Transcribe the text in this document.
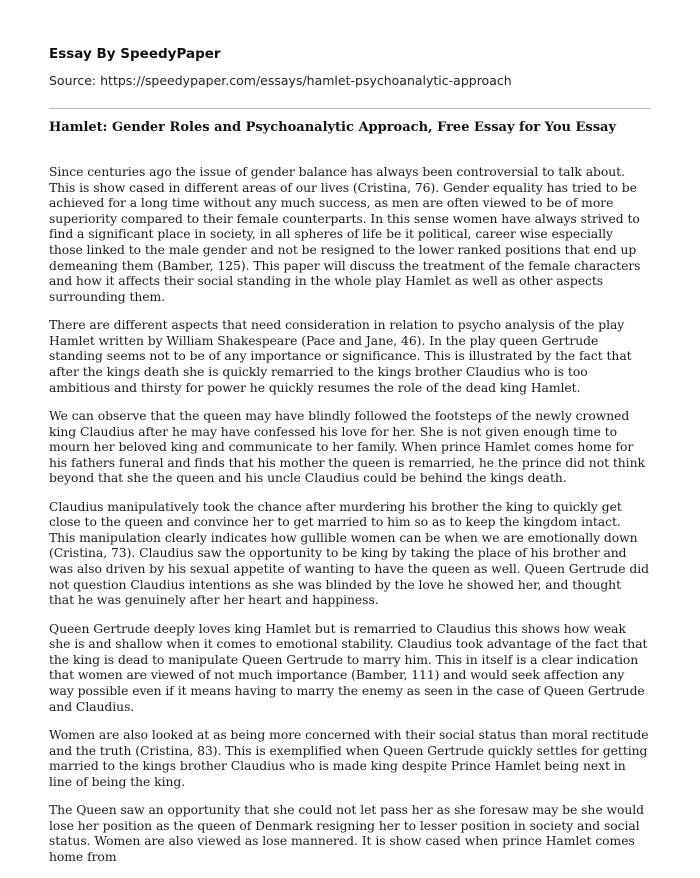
Essay By SpeedyPaper
Source: https://speedypaper.com/essays/hamlet-psychoanalytic-approach
Hamlet: Gender Roles and Psychoanalytic Approach, Free Essay for You Essay

Since centuries ago the issue of gender balance has always been controversial to talk about. This is show cased in different areas of our lives (Cristina, 76). Gender equality has tried to be achieved for a long time without any much success, as men are often viewed to be of more superiority compared to their female counterparts. In this sense women have always strived to find a significant place in society, in all spheres of life be it political, career wise especially those linked to the male gender and not be resigned to the lower ranked positions that end up demeaning them (Bamber, 125). This paper will discuss the treatment of the female characters and how it affects their social standing in the whole play Hamlet as well as other aspects surrounding them.

There are different aspects that need consideration in relation to psycho analysis of the play Hamlet written by William Shakespeare (Pace and Jane, 46). In the play queen Gertrude standing seems not to be of any importance or significance. This is illustrated by the fact that after the kings death she is quickly remarried to the kings brother Claudius who is too ambitious and thirsty for power he quickly resumes the role of the dead king Hamlet.

We can observe that the queen may have blindly followed the footsteps of the newly crowned king Claudius after he may have confessed his love for her. She is not given enough time to mourn her beloved king and communicate to her family. When prince Hamlet comes home for his fathers funeral and finds that his mother the queen is remarried, he the prince did not think beyond that she the queen and his uncle Claudius could be behind the kings death.

Claudius manipulatively took the chance after murdering his brother the king to quickly get close to the queen and convince her to get married to him so as to keep the kingdom intact. This manipulation clearly indicates how gullible women can be when we are emotionally down (Cristina, 73). Claudius saw the opportunity to be king by taking the place of his brother and was also driven by his sexual appetite of wanting to have the queen as well. Queen Gertrude did not question Claudius intentions as she was blinded by the love he showed her, and thought that he was genuinely after her heart and happiness.

Queen Gertrude deeply loves king Hamlet but is remarried to Claudius this shows how weak she is and shallow when it comes to emotional stability. Claudius took advantage of the fact that the king is dead to manipulate Queen Gertrude to marry him. This in itself is a clear indication that women are viewed of not much importance (Bamber, 111) and would seek affection any way possible even if it means having to marry the enemy as seen in the case of Queen Gertrude and Claudius.

Women are also looked at as being more concerned with their social status than moral rectitude and the truth (Cristina, 83). This is exemplified when Queen Gertrude quickly settles for getting married to the kings brother Claudius who is made king despite Prince Hamlet being next in line of being the king.

The Queen saw an opportunity that she could not let pass her as she foresaw may be she would lose her position as the queen of Denmark resigning her to lesser position in society and social status. Women are also viewed as lose mannered. It is show cased when prince Hamlet comes home from
